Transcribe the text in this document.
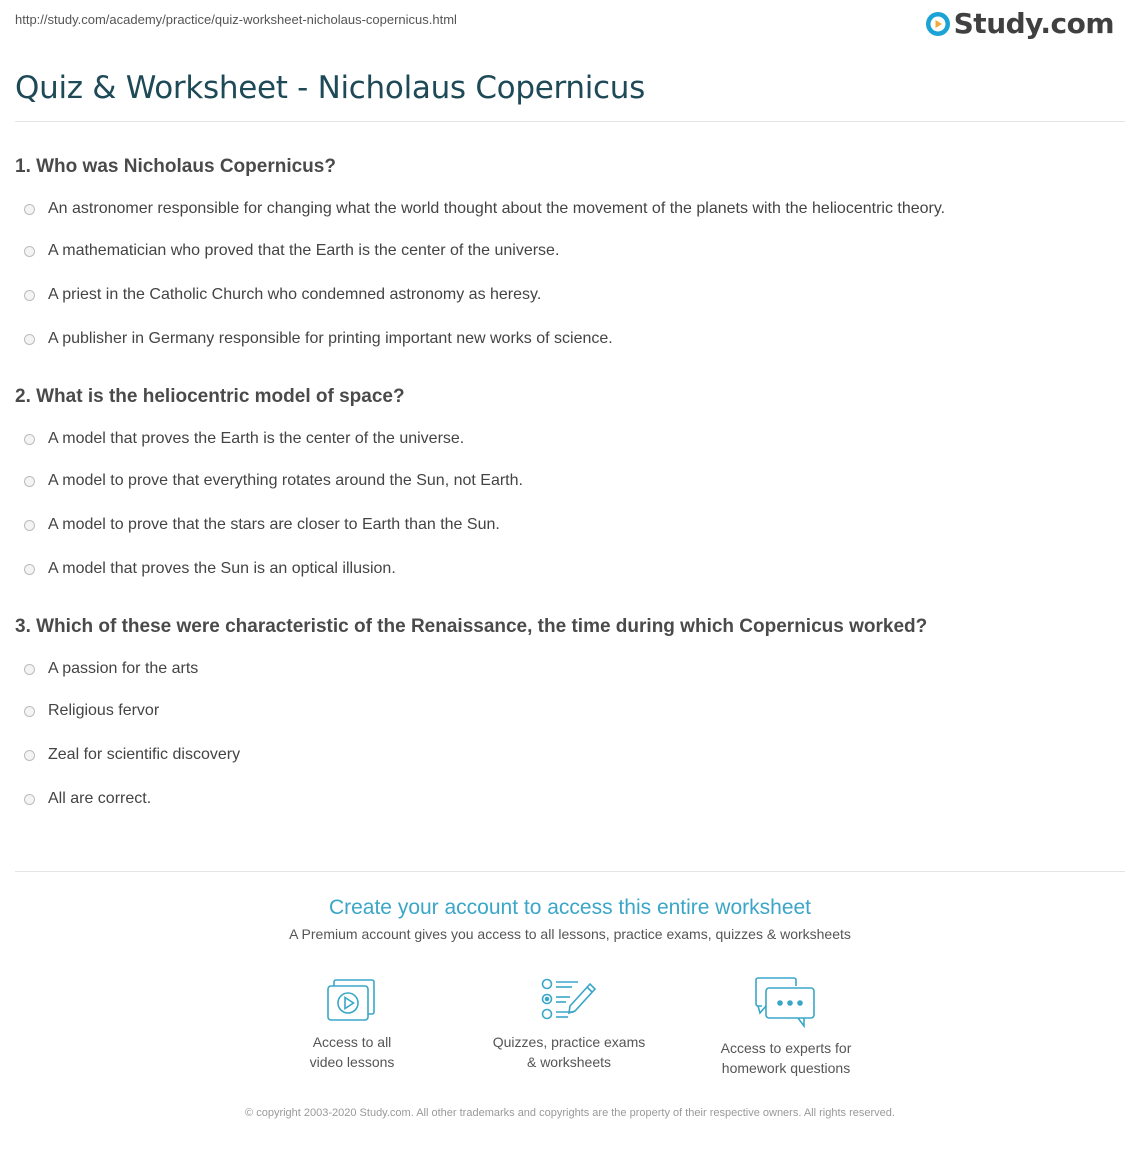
http://study.com/academy/practice/quiz-worksheet-nicholaus-copernicus.html	Study.com
Quiz & Worksheet - Nicholaus Copernicus
1. Who was Nicholaus Copernicus?
An astronomer responsible for changing what the world thought about the movement of the planets with the heliocentric theory.
A mathematician who proved that the Earth is the center of the universe.
A priest in the Catholic Church who condemned astronomy as heresy.
A publisher in Germany responsible for printing important new works of science.
2. What is the heliocentric model of space?
A model that proves the Earth is the center of the universe.
A model to prove that everything rotates around the Sun, not Earth.
A model to prove that the stars are closer to Earth than the Sun.
A model that proves the Sun is an optical illusion.
3. Which of these were characteristic of the Renaissance, the time during which Copernicus worked?
A passion for the arts
Religious fervor
Zeal for scientific discovery
All are correct.
Create your account to access this entire worksheet

A Premium account gives you access to all lessons, practice exams, quizzes & worksheets

Access to all
video lessons
Quizzes, practice exams
& worksheets
Access to experts for
homework questions
© copyright 2003-2020 Study.com. All other trademarks and copyrights are the property of their respective owners. All rights reserved.
